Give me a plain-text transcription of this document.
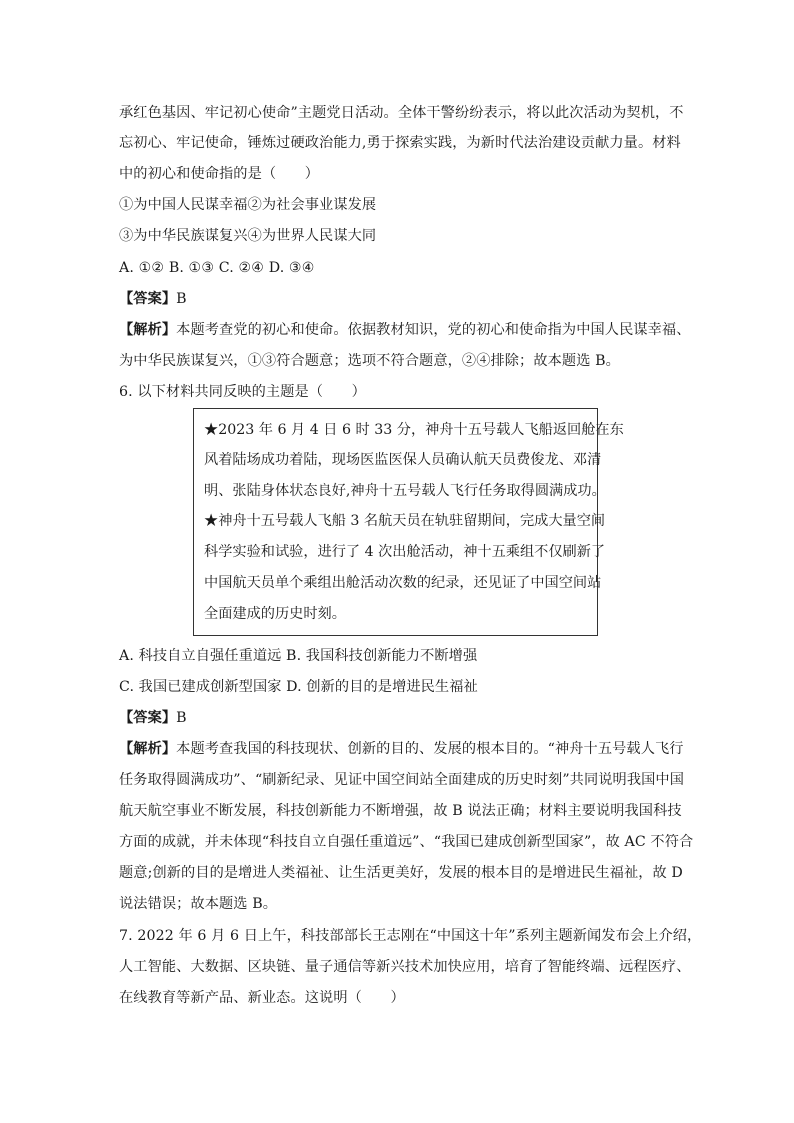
承红色基因、牢记初心使命”主题党日活动。全体干警纷纷表示，将以此次活动为契机，不
忘初心、牢记使命，锤炼过硬政治能力,勇于探索实践，为新时代法治建设贡献力量。材料
中的初心和使命指的是（　　）
①为中国人民谋幸福②为社会事业谋发展
③为中华民族谋复兴④为世界人民谋大同
A. ①② B. ①③ C. ②④ D. ③④
【答案】B
【解析】本题考查党的初心和使命。依据教材知识，党的初心和使命指为中国人民谋幸福、
为中华民族谋复兴，①③符合题意；选项不符合题意，②④排除；故本题选 B。
6. 以下材料共同反映的主题是（　　）
★2023 年 6 月 4 日 6 时 33 分，神舟十五号载人飞船返回舱在东
风着陆场成功着陆，现场医监医保人员确认航天员费俊龙、邓清
明、张陆身体状态良好,神舟十五号载人飞行任务取得圆满成功。
★神舟十五号载人飞船 3 名航天员在轨驻留期间，完成大量空间
科学实验和试验，进行了 4 次出舱活动，神十五乘组不仅刷新了
中国航天员单个乘组出舱活动次数的纪录，还见证了中国空间站
全面建成的历史时刻。
A. 科技自立自强任重道远 B. 我国科技创新能力不断增强
C. 我国已建成创新型国家 D. 创新的目的是增进民生福祉
【答案】B
【解析】本题考查我国的科技现状、创新的目的、发展的根本目的。“神舟十五号载人飞行
任务取得圆满成功”、“刷新纪录、见证中国空间站全面建成的历史时刻”共同说明我国中国
航天航空事业不断发展，科技创新能力不断增强，故 B 说法正确；材料主要说明我国科技
方面的成就，并未体现“科技自立自强任重道远”、“我国已建成创新型国家”，故 AC 不符合
题意;创新的目的是增进人类福祉、让生活更美好，发展的根本目的是增进民生福祉，故 D
说法错误；故本题选 B。
7. 2022 年 6 月 6 日上午，科技部部长王志刚在“中国这十年”系列主题新闻发布会上介绍，
人工智能、大数据、区块链、量子通信等新兴技术加快应用，培育了智能终端、远程医疗、
在线教育等新产品、新业态。这说明（　　）
